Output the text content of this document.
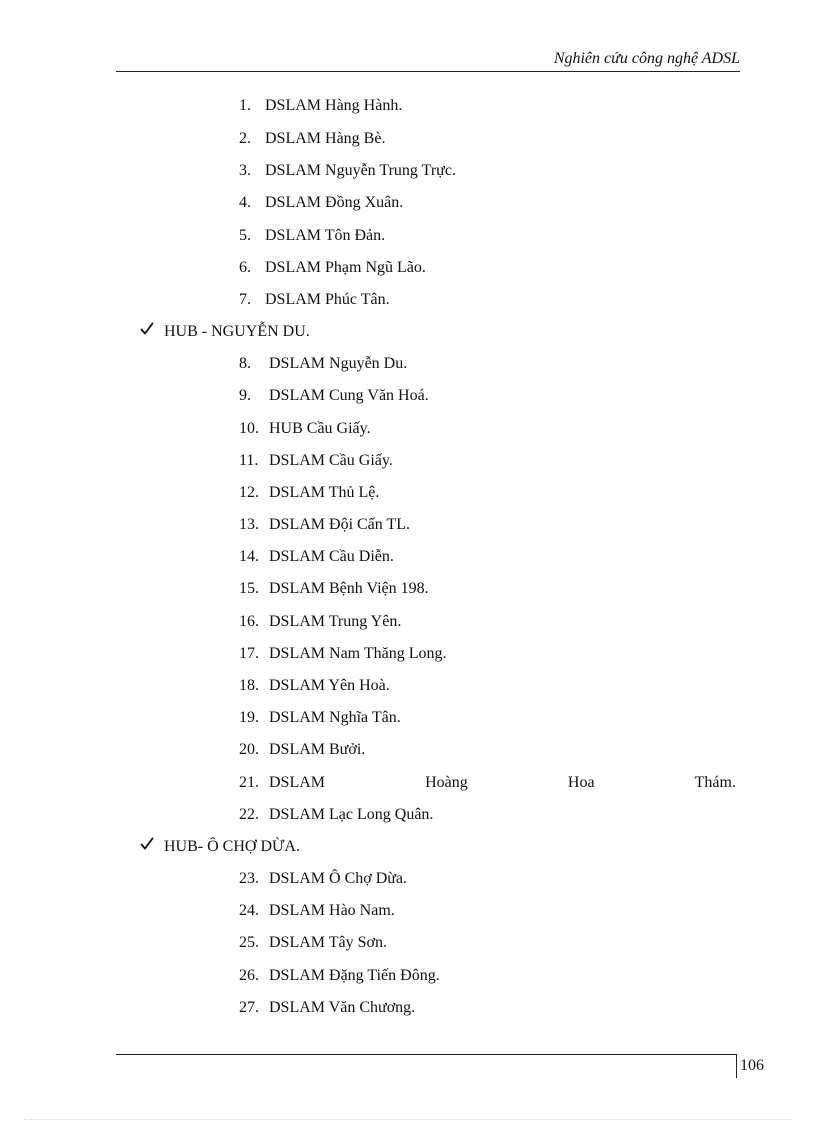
Nghiên cứu công nghệ ADSL
1. DSLAM Hàng Hành.
2. DSLAM Hàng Bè.
3. DSLAM Nguyễn Trung Trực.
4. DSLAM Đồng Xuân.
5. DSLAM Tôn Đản.
6. DSLAM Phạm Ngũ Lão.
7. DSLAM Phúc Tân.
HUB - NGUYỄN DU.
8. DSLAM Nguyễn Du.
9. DSLAM Cung Văn Hoá.
10. HUB Cầu Giấy.
11. DSLAM Cầu Giấy.
12. DSLAM Thủ Lệ.
13. DSLAM Đội Cấn TL.
14. DSLAM Cầu Diễn.
15. DSLAM Bệnh Viện 198.
16. DSLAM Trung Yên.
17. DSLAM Nam Thăng Long.
18. DSLAM Yên Hoà.
19. DSLAM Nghĩa Tân.
20. DSLAM Bưởi.
21. DSLAM	Hoàng	Hoa	Thám.
22. DSLAM Lạc Long Quân.
HUB- Ô CHỢ DỪA.
23. DSLAM Ô Chợ Dừa.
24. DSLAM Hào Nam.
25. DSLAM Tây Sơn.
26. DSLAM Đặng Tiến Đông.
27. DSLAM Văn Chương.
106
